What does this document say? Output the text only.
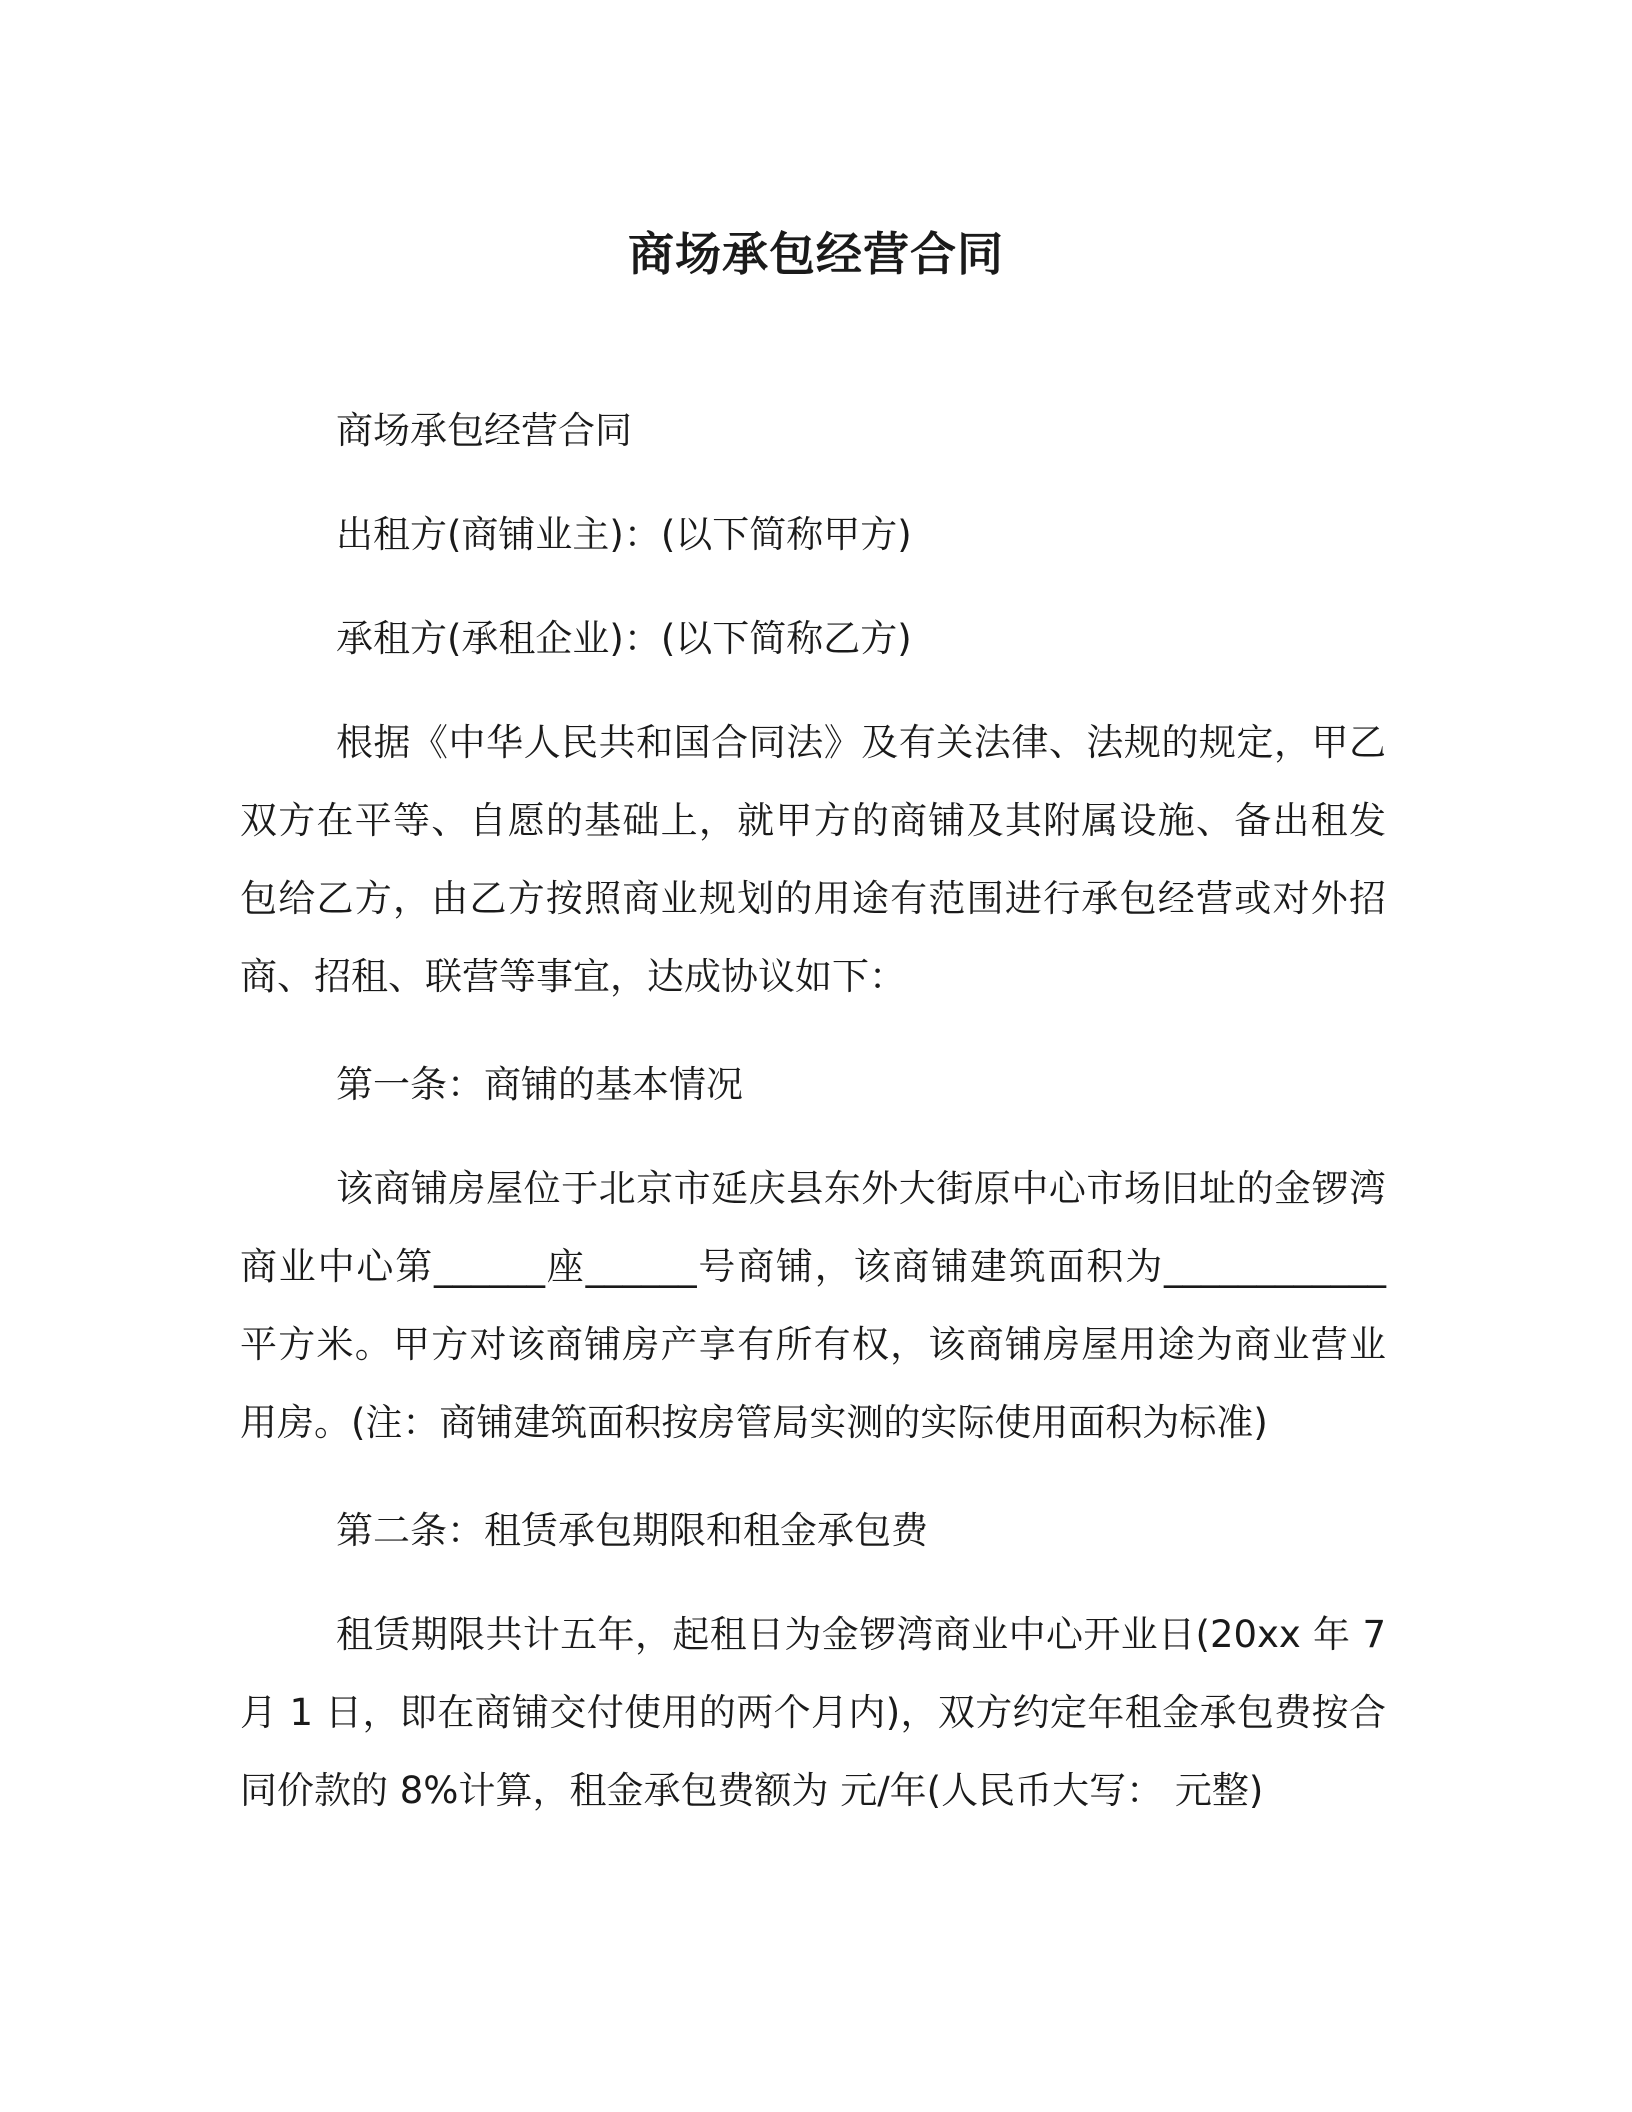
商场承包经营合同

商场承包经营合同

出租方(商铺业主)：(以下简称甲方)

承租方(承租企业)：(以下简称乙方)

根据《中华人民共和国合同法》及有关法律、法规的规定，甲乙双方在平等、自愿的基础上，就甲方的商铺及其附属设施、备出租发包给乙方，由乙方按照商业规划的用途有范围进行承包经营或对外招商、招租、联营等事宜，达成协议如下：

第一条：商铺的基本情况

该商铺房屋位于北京市延庆县东外大街原中心市场旧址的金锣湾商业中心第______座______号商铺，该商铺建筑面积为____________平方米。甲方对该商铺房产享有所有权，该商铺房屋用途为商业营业用房。(注：商铺建筑面积按房管局实测的实际使用面积为标准)

第二条：租赁承包期限和租金承包费

租赁期限共计五年，起租日为金锣湾商业中心开业日(20xx 年 7 月 1 日，即在商铺交付使用的两个月内)，双方约定年租金承包费按合同价款的 8%计算，租金承包费额为 元/年(人民币大写： 元整)
